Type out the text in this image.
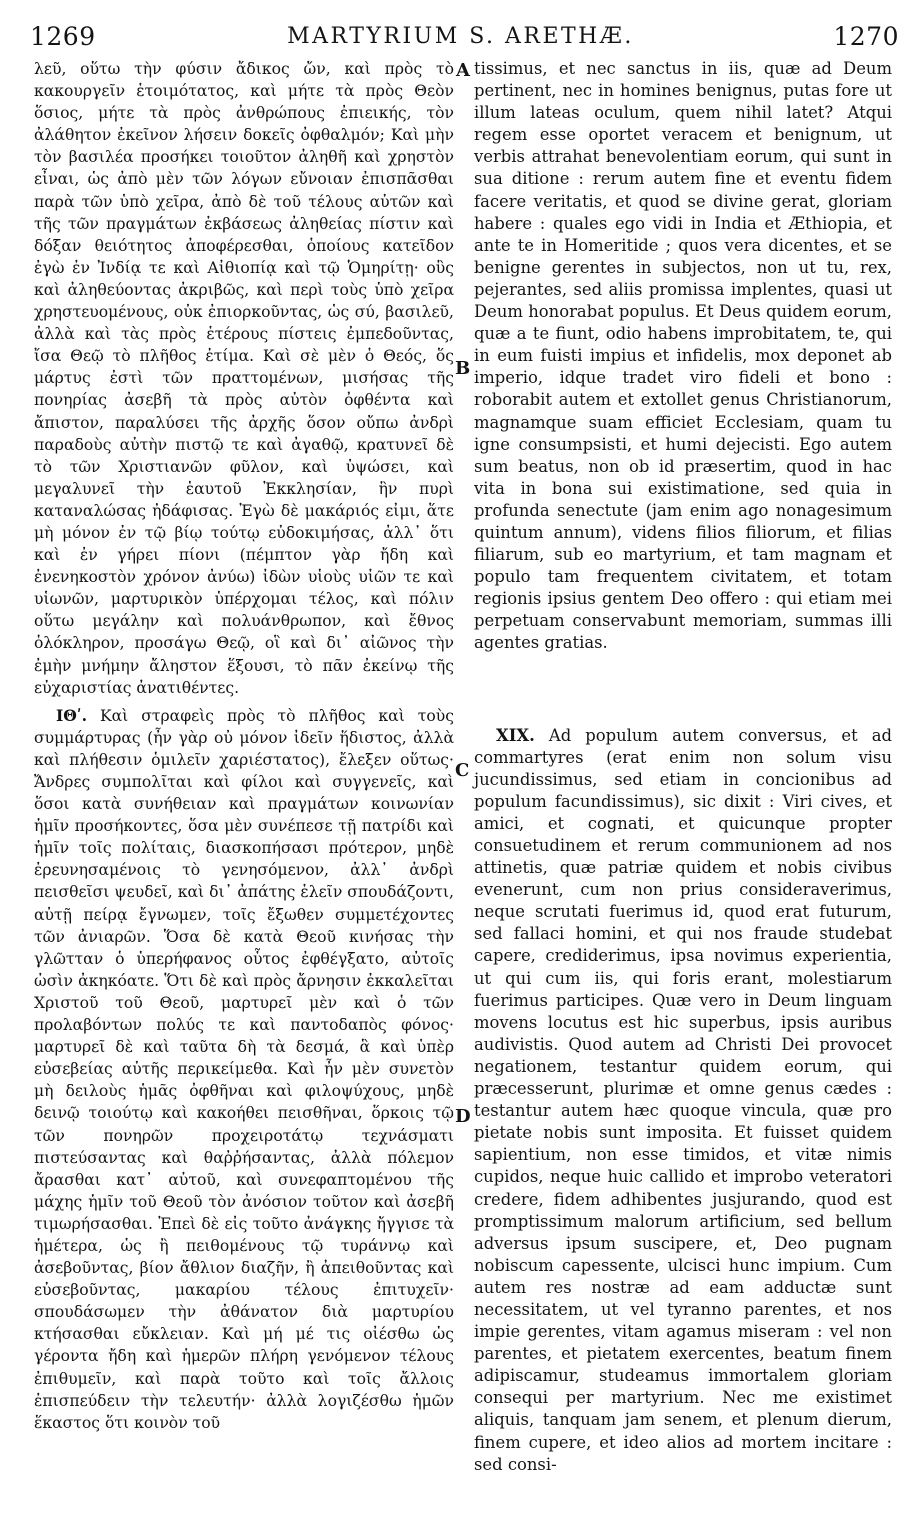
1269	MARTYRIUM S. ARETHÆ.	1270
A
B
C
D

λεῦ, οὕτω τὴν φύσιν ἄδικος ὤν, καὶ πρὸς τὸ κακουργεῖν ἑτοιμότατος, καὶ μήτε τὰ πρὸς Θεὸν ὅσιος, μήτε τὰ πρὸς ἀνθρώπους ἐπιεικής, τὸν ἀλάθητον ἐκεῖνον λήσειν δοκεῖς ὀφθαλμόν; Καὶ μὴν τὸν βασιλέα προσήκει τοιοῦτον ἀληθῆ καὶ χρηστὸν εἶναι, ὡς ἀπὸ μὲν τῶν λόγων εὔνοιαν ἐπισπᾶσθαι παρὰ τῶν ὑπὸ χεῖρα, ἀπὸ δὲ τοῦ τέλους αὐτῶν καὶ τῆς τῶν πραγμάτων ἐκβάσεως ἀληθείας πίστιν καὶ δόξαν θειότητος ἀποφέρεσθαι, ὁποίους κατεῖδον ἐγὼ ἐν Ἰνδίᾳ τε καὶ Αἰθιοπίᾳ καὶ τῷ Ὁμηρίτῃ· οὓς καὶ ἀληθεύοντας ἀκριβῶς, καὶ περὶ τοὺς ὑπὸ χεῖρα χρηστευομένους, οὐκ ἐπιορκοῦντας, ὡς σύ, βασιλεῦ, ἀλλὰ καὶ τὰς πρὸς ἑτέρους πίστεις ἐμπεδοῦντας, ἴσα Θεῷ τὸ πλῆθος ἐτίμα. Καὶ σὲ μὲν ὁ Θεός, ὅς μάρτυς ἐστὶ τῶν πραττομένων, μισήσας τῆς πονηρίας ἀσεβῆ τὰ πρὸς αὐτὸν ὀφθέντα καὶ ἄπιστον, παραλύσει τῆς ἀρχῆς ὅσον οὔπω ἀνδρὶ παραδοὺς αὐτὴν πιστῷ τε καὶ ἀγαθῷ, κρατυνεῖ δὲ τὸ τῶν Χριστιανῶν φῦλον, καὶ ὑψώσει, καὶ μεγαλυνεῖ τὴν ἑαυτοῦ Ἐκκλησίαν, ἣν πυρὶ καταναλώσας ἠδάφισας. Ἐγὼ δὲ μακάριός εἰμι, ἅτε μὴ μόνον ἐν τῷ βίῳ τούτῳ εὐδοκιμήσας, ἀλλ᾽ ὅτι καὶ ἐν γήρει πίονι (πέμπτον γὰρ ἤδη καὶ ἐνενηκοστὸν χρόνον ἀνύω) ἰδὼν υἱοὺς υἱῶν τε καὶ υἱωνῶν, μαρτυρικὸν ὑπέρχομαι τέλος, καὶ πόλιν οὕτω μεγάλην καὶ πολυάνθρωπον, καὶ ἔθνος ὁλόκληρον, προσάγω Θεῷ, οἳ καὶ δι᾽ αἰῶνος τὴν ἐμὴν μνήμην ἄληστον ἕξουσι, τὸ πᾶν ἐκείνῳ τῆς εὐχαριστίας ἀνατιθέντες.

ΙΘʹ. Καὶ στραφεὶς πρὸς τὸ πλῆθος καὶ τοὺς συμμάρτυρας (ἦν γὰρ οὐ μόνον ἰδεῖν ἥδιστος, ἀλλὰ καὶ πλήθεσιν ὁμιλεῖν χαριέστατος), ἔλεξεν οὕτως· Ἄνδρες συμπολῖται καὶ φίλοι καὶ συγγενεῖς, καὶ ὅσοι κατὰ συνήθειαν καὶ πραγμάτων κοινωνίαν ἡμῖν προσήκοντες, ὅσα μὲν συνέπεσε τῇ πατρίδι καὶ ἡμῖν τοῖς πολίταις, διασκοπήσασι πρότερον, μηδὲ ἐρευνησαμένοις τὸ γενησόμενον, ἀλλ᾽ ἀνδρὶ πεισθεῖσι ψευδεῖ, καὶ δι᾽ ἀπάτης ἑλεῖν σπουδάζοντι, αὐτῇ πείρᾳ ἔγνωμεν, τοῖς ἔξωθεν συμμετέχοντες τῶν ἀνιαρῶν. Ὅσα δὲ κατὰ Θεοῦ κινήσας τὴν γλῶτταν ὁ ὑπερήφανος οὗτος ἐφθέγξατο, αὐτοῖς ὠσὶν ἀκηκόατε. Ὅτι δὲ καὶ πρὸς ἄρνησιν ἐκκαλεῖται Χριστοῦ τοῦ Θεοῦ, μαρτυρεῖ μὲν καὶ ὁ τῶν προλαβόντων πολύς τε καὶ παντοδαπὸς φόνος· μαρτυρεῖ δὲ καὶ ταῦτα δὴ τὰ δεσμά, ἃ καὶ ὑπὲρ εὐσεβείας αὐτῆς περικείμεθα. Καὶ ἦν μὲν συνετὸν μὴ δειλοὺς ἡμᾶς ὀφθῆναι καὶ φιλοψύχους, μηδὲ δεινῷ τοιούτῳ καὶ κακοήθει πεισθῆναι, ὅρκοις τῷ τῶν πονηρῶν προχειροτάτῳ τεχνάσματι πιστεύσαντας καὶ θαῤῥήσαντας, ἀλλὰ πόλεμον ἄρασθαι κατ᾽ αὐτοῦ, καὶ συνεφαπτομένου τῆς μάχης ἡμῖν τοῦ Θεοῦ τὸν ἀνόσιον τοῦτον καὶ ἀσεβῆ τιμωρήσασθαι. Ἐπεὶ δὲ εἰς τοῦτο ἀνάγκης ἤγγισε τὰ ἡμέτερα, ὡς ἢ πειθομένους τῷ τυράννῳ καὶ ἀσεβοῦντας, βίον ἄθλιον διαζῆν, ἢ ἀπειθοῦντας καὶ εὐσεβοῦντας, μακαρίου τέλους ἐπιτυχεῖν· σπουδάσωμεν τὴν ἀθάνατον διὰ μαρτυρίου κτήσασθαι εὔκλειαν. Καὶ μή μέ τις οἰέσθω ὡς γέροντα ἤδη καὶ ἡμερῶν πλήρη γενόμενον τέλους ἐπιθυμεῖν, καὶ παρὰ τοῦτο καὶ τοῖς ἄλλοις ἐπισπεύδειν τὴν τελευτήν· ἀλλὰ λογιζέσθω ἡμῶν ἕκαστος ὅτι κοινὸν τοῦ

tissimus, et nec sanctus in iis, quæ ad Deum pertinent, nec in homines benignus, putas fore ut illum lateas oculum, quem nihil latet? Atqui regem esse oportet veracem et benignum, ut verbis attrahat benevolentiam eorum, qui sunt in sua ditione : rerum autem fine et eventu fidem facere veritatis, et quod se divine gerat, gloriam habere : quales ego vidi in India et Æthiopia, et ante te in Homeritide ; quos vera dicentes, et se benigne gerentes in subjectos, non ut tu, rex, pejerantes, sed aliis promissa implentes, quasi ut Deum honorabat populus. Et Deus quidem eorum, quæ a te fiunt, odio habens improbitatem, te, qui in eum fuisti impius et infidelis, mox deponet ab imperio, idque tradet viro fideli et bono : roborabit autem et extollet genus Christianorum, magnamque suam efficiet Ecclesiam, quam tu igne consumpsisti, et humi dejecisti. Ego autem sum beatus, non ob id præsertim, quod in hac vita in bona sui existimatione, sed quia in profunda senectute (jam enim ago nonagesimum quintum annum), videns filios filiorum, et filias filiarum, sub eo martyrium, et tam magnam et populo tam frequentem civitatem, et totam regionis ipsius gentem Deo offero : qui etiam mei perpetuam conservabunt memoriam, summas illi agentes gratias.

XIX. Ad populum autem conversus, et ad commartyres (erat enim non solum visu jucundissimus, sed etiam in concionibus ad populum facundissimus), sic dixit : Viri cives, et amici, et cognati, et quicunque propter consuetudinem et rerum communionem ad nos attinetis, quæ patriæ quidem et nobis civibus evenerunt, cum non prius consideraverimus, neque scrutati fuerimus id, quod erat futurum, sed fallaci homini, et qui nos fraude studebat capere, crediderimus, ipsa novimus experientia, ut qui cum iis, qui foris erant, molestiarum fuerimus participes. Quæ vero in Deum linguam movens locutus est hic superbus, ipsis auribus audivistis. Quod autem ad Christi Dei provocet negationem, testantur quidem eorum, qui præcesserunt, plurimæ et omne genus cædes : testantur autem hæc quoque vincula, quæ pro pietate nobis sunt imposita. Et fuisset quidem sapientium, non esse timidos, et vitæ nimis cupidos, neque huic callido et improbo veteratori credere, fidem adhibentes jusjurando, quod est promptissimum malorum artificium, sed bellum adversus ipsum suscipere, et, Deo pugnam nobiscum capessente, ulcisci hunc impium. Cum autem res nostræ ad eam adductæ sunt necessitatem, ut vel tyranno parentes, et nos impie gerentes, vitam agamus miseram : vel non parentes, et pietatem exercentes, beatum finem adipiscamur, studeamus immortalem gloriam consequi per martyrium. Nec me existimet aliquis, tanquam jam senem, et plenum dierum, finem cupere, et ideo alios ad mortem incitare : sed consi-
